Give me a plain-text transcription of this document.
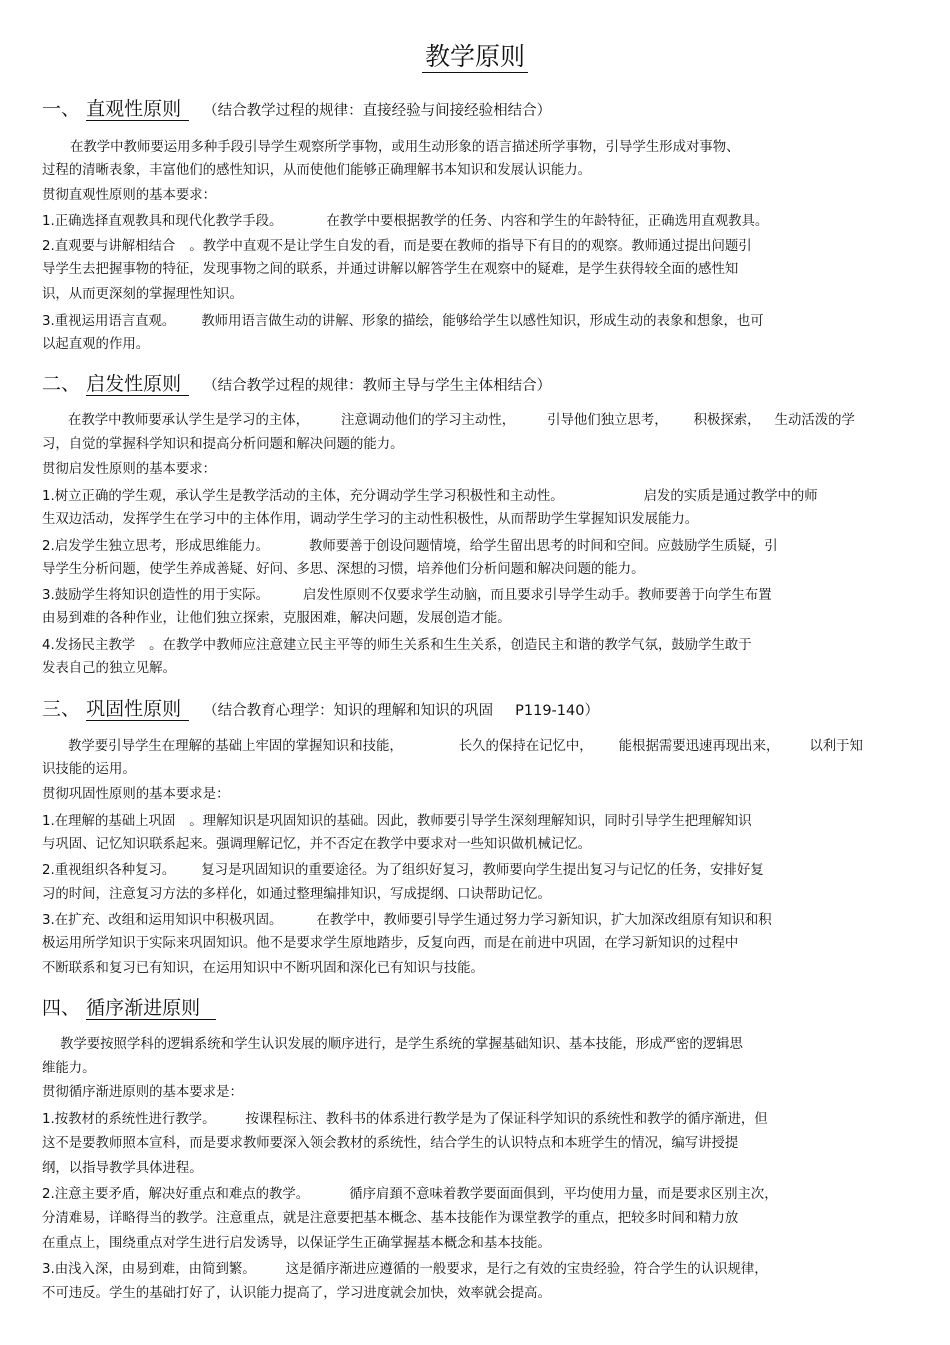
教学原则
一、 直观性原则 （结合教学过程的规律：直接经验与间接经验相结合）
在教学中教师要运用多种手段引导学生观察所学事物，或用生动形象的语言描述所学事物，引导学生形成对事物、
过程的清晰表象，丰富他们的感性知识，从而使他们能够正确理解书本知识和发展认识能力。
贯彻直观性原则的基本要求：
1.正确选择直观教具和现代化教学手段。	在教学中要根据教学的任务、内容和学生的年龄特征，正确选用直观教具。
2.直观要与讲解相结合 。教学中直观不是让学生自发的看，而是要在教师的指导下有目的的观察。教师通过提出问题引
导学生去把握事物的特征，发现事物之间的联系，并通过讲解以解答学生在观察中的疑难，是学生获得较全面的感性知
识，从而更深刻的掌握理性知识。
3.重视运用语言直观。 教师用语言做生动的讲解、形象的描绘，能够给学生以感性知识，形成生动的表象和想象，也可
以起直观的作用。
二、 启发性原则 （结合教学过程的规律：教师主导与学生主体相结合）
在教学中教师要承认学生是学习的主体， 注意调动他们的学习主动性， 引导他们独立思考， 积极探索， 生动活泼的学
习，自觉的掌握科学知识和提高分析问题和解决问题的能力。
贯彻启发性原则的基本要求：
1.树立正确的学生观，承认学生是教学活动的主体，充分调动学生学习积极性和主动性。	启发的实质是通过教学中的师
生双边活动，发挥学生在学习中的主体作用，调动学生学习的主动性积极性，从而帮助学生掌握知识发展能力。
2.启发学生独立思考，形成思维能力。	教师要善于创设问题情境，给学生留出思考的时间和空间。应鼓励学生质疑，引
导学生分析问题，使学生养成善疑、好问、多思、深想的习惯，培养他们分析问题和解决问题的能力。
3.鼓励学生将知识创造性的用于实际。	启发性原则不仅要求学生动脑，而且要求引导学生动手。教师要善于向学生布置
由易到难的各种作业，让他们独立探索，克服困难，解决问题，发展创造才能。
4.发扬民主教学 。在教学中教师应注意建立民主平等的师生关系和生生关系，创造民主和谐的教学气氛，鼓励学生敢于
发表自己的独立见解。
三、 巩固性原则 （结合教育心理学：知识的理解和知识的巩固 P119-140）
教学要引导学生在理解的基础上牢固的掌握知识和技能，	长久的保持在记忆中， 能根据需要迅速再现出来， 以利于知
识技能的运用。
贯彻巩固性原则的基本要求是：
1.在理解的基础上巩固 。理解知识是巩固知识的基础。因此，教师要引导学生深刻理解知识，同时引导学生把理解知识
与巩固、记忆知识联系起来。强调理解记忆，并不否定在教学中要求对一些知识做机械记忆。
2.重视组织各种复习。 复习是巩固知识的重要途径。为了组织好复习，教师要向学生提出复习与记忆的任务，安排好复
习的时间，注意复习方法的多样化，如通过整理编排知识，写成提纲、口诀帮助记忆。
3.在扩充、改组和运用知识中积极巩固。	在教学中，教师要引导学生通过努力学习新知识，扩大加深改组原有知识和积
极运用所学知识于实际来巩固知识。他不是要求学生原地踏步，反复向西，而是在前进中巩固，在学习新知识的过程中
不断联系和复习已有知识，在运用知识中不断巩固和深化已有知识与技能。
四、 循序渐进原则
教学要按照学科的逻辑系统和学生认识发展的顺序进行，是学生系统的掌握基础知识、基本技能，形成严密的逻辑思
维能力。
贯彻循序渐进原则的基本要求是：
1.按教材的系统性进行教学。 按课程标注、教科书的体系进行教学是为了保证科学知识的系统性和教学的循序渐进，但
这不是要教师照本宣科，而是要求教师要深入领会教材的系统性，结合学生的认识特点和本班学生的情况，编写讲授提
纲，以指导教学具体进程。
2.注意主要矛盾，解决好重点和难点的教学。	循序肩頚不意味着教学要面面俱到，平均使用力量，而是要求区别主次，
分清难易，详略得当的教学。注意重点，就是注意要把基本概念、基本技能作为课堂教学的重点，把较多时间和精力放
在重点上，围绕重点对学生进行启发诱导，以保证学生正确掌握基本概念和基本技能。
3.由浅入深，由易到难，由简到繁。 这是循序渐进应遵循的一般要求，是行之有效的宝贵经验，符合学生的认识规律，
不可违反。学生的基础打好了，认识能力提高了，学习进度就会加快，效率就会提高。
